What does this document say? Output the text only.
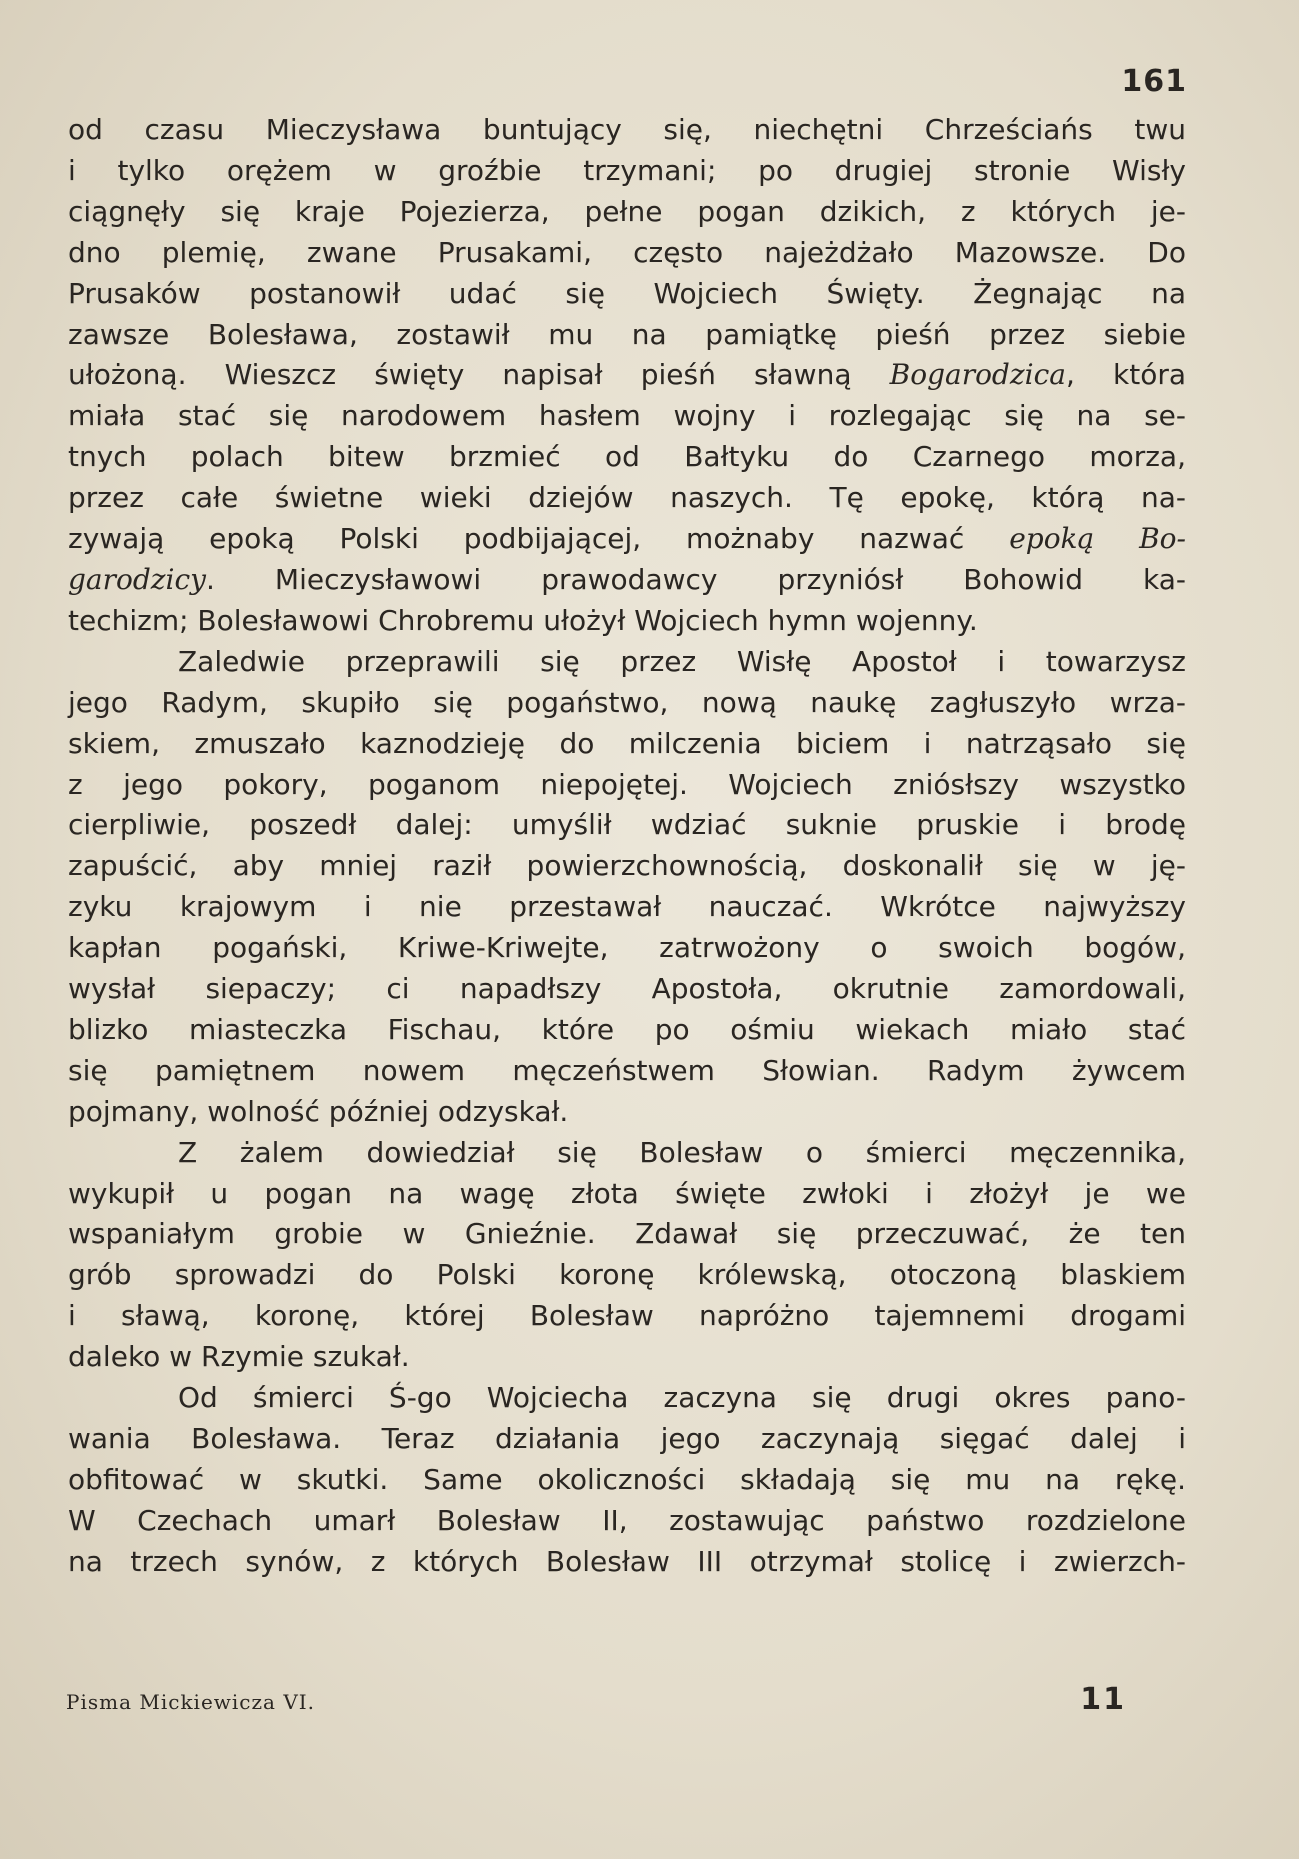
161

od czasu Mieczysława buntujący się, niechętni Chrześciańs twu

i tylko orężem w groźbie trzymani; po drugiej stronie Wisły

ciągnęły się kraje Pojezierza, pełne pogan dzikich, z których je-

dno plemię, zwane Prusakami, często najeżdżało Mazowsze. Do

Prusaków postanowił udać się Wojciech Święty. Żegnając na

zawsze Bolesława, zostawił mu na pamiątkę pieśń przez siebie

ułożoną. Wieszcz święty napisał pieśń sławną Bogarodzica, która

miała stać się narodowem hasłem wojny i rozlegając się na se-

tnych polach bitew brzmieć od Bałtyku do Czarnego morza,

przez całe świetne wieki dziejów naszych. Tę epokę, którą na-

zywają epoką Polski podbijającej, możnaby nazwać epoką Bo-

garodzicy. Mieczysławowi prawodawcy przyniósł Bohowid ka-

techizm; Bolesławowi Chrobremu ułożył Wojciech hymn wojenny.

Zaledwie przeprawili się przez Wisłę Apostoł i towarzysz

jego Radym, skupiło się pogaństwo, nową naukę zagłuszyło wrza-

skiem, zmuszało kaznodzieję do milczenia biciem i natrząsało się

z jego pokory, poganom niepojętej. Wojciech zniósłszy wszystko

cierpliwie, poszedł dalej: umyślił wdziać suknie pruskie i brodę

zapuścić, aby mniej raził powierzchownością, doskonalił się w ję-

zyku krajowym i nie przestawał nauczać. Wkrótce najwyższy

kapłan pogański, Kriwe-Kriwejte, zatrwożony o swoich bogów,

wysłał siepaczy; ci napadłszy Apostoła, okrutnie zamordowali,

blizko miasteczka Fischau, które po ośmiu wiekach miało stać

się pamiętnem nowem męczeństwem Słowian. Radym żywcem

pojmany, wolność później odzyskał.

Z żalem dowiedział się Bolesław o śmierci męczennika,

wykupił u pogan na wagę złota święte zwłoki i złożył je we

wspaniałym grobie w Gnieźnie. Zdawał się przeczuwać, że ten

grób sprowadzi do Polski koronę królewską, otoczoną blaskiem

i sławą, koronę, której Bolesław napróżno tajemnemi drogami

daleko w Rzymie szukał.

Od śmierci Ś-go Wojciecha zaczyna się drugi okres pano-

wania Bolesława. Teraz działania jego zaczynają sięgać dalej i

obfitować w skutki. Same okoliczności składają się mu na rękę.

W Czechach umarł Bolesław II, zostawując państwo rozdzielone

na trzech synów, z których Bolesław III otrzymał stolicę i zwierzch-

Pisma Mickiewicza VI.	11
